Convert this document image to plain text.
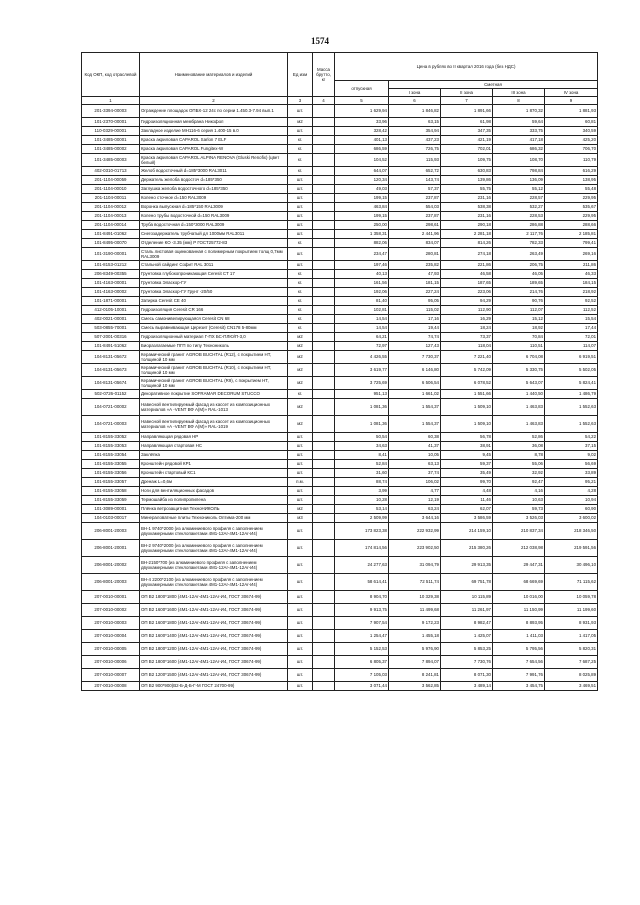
1574
Код ОКП, код отраслевой	Наименование материалов и изделий	Ед изм	Масса брутто, кг	Цена в рублях во II квартал 2016 года (без НДС)				
				отпускная	Сметная			
					I зона	II зона	III зона	IV зона
1	2	3	4	5	6	7	8	9
201-3394-00003	Ограждение площадок ОПБХ-12 24с по серии 1.450.3-7.94 вып.1	шт.		1 629,94	1 846,82	1 891,66	1 870,32	1 881,93
101-2370-00001	Гидроизоляционная мембрана Никофол	м2		33,96	63,15	61,98	59,64	60,81
110-0329-00001	Закладное изделие МН116-6 серия 1.400-15 в.0	шт.		328,42	354,94	347,35	333,75	340,59
101-3485-00001	Краска акриловая CAPAROL Sarlon 7 ELF	кг.		401,13	437,23	421,19	417,18	425,20
101-3485-00002	Краска акриловая CAPAROL Fungitex-W	кг.		686,59	726,75	702,01	686,32	706,70
101-3485-00003	Краска акриловая CAPAROL ALPINA RENOVA (Gluski Renofix) (цвет белый)	кг.		104,52	115,93	109,75	108,70	110,79
402-0310-01713	Желоб водосточный d=185*3000 RAL3011	кг.		644,07	652,72	630,83	798,84	616,29
201-1104-00059	Держатель желоба водосточ d=185*350	шт.		120,34	143,74	139,86	136,09	138,95
201-1104-00010	Заглушка желоба водосточного d=185*350	шт.		49,03	57,37	55,75	55,12	55,48
201-1104-00011	Колено сточное d=150 RAL3009	шт.		199,15	237,87	231,16	228,57	229,95
201-1104-00012	Воронка выпускная d=185*150 RAL3009	шт.		463,84	554,03	538,38	532,27	535,67
201-1104-00013	Колено трубы водосточной d=150 RAL3009	шт.		199,15	237,87	231,16	228,53	229,95
201-1104-00014	Труба водосточная d=150*3000 RAL3009	шт.		250,00	298,61	290,18	286,88	288,66
101-8491-01062	Снегозадержатель трубчатый дл 1000мм RAL3011	шт.		1 358,31	2 441,96	2 281,18	2 117,76	2 185,81
101-8495-00070	Отделение КО -3.35 (мм) Р ГОСТ25772-83	кг.		882,06	834,07	814,26	782,33	799,41
101-3190-00001	Сталь листовая оцинкованная с полимерным покрытием толщ 0,7мм RAL3009	шт.		234,47	280,81	274,18	263,49	269,16
101-8153-01212	Стальной сайдинг Софит RAL 3011	шт.		197,46	235,82	221,86	206,75	211,86
206-8349-00355	Грунтовка глубокопроникающая Ceresit CT 17	кг.		40,13	47,93	46,58	46,05	46,33
101-4163-00001	Грунтовка Эласкор-ГУ	кг.		161,56	181,15	187,65	189,65	184,15
101-4163-00002	Грунтовка Эласкор-ГУ Грунт -20/50	кг.		192,06	227,24	223,06	214,76	218,92
101-1871-00001	Затирка Ceresit CE 40	кг.		81,40	95,05	94,29	90,76	92,52
412-0105-10001	Гидроизоляция Ceresit CR 166	кг.		102,81	115,02	112,90	112,07	112,52
402-0021-00001	Смесь самонивелирующаяся Ceresit CN 68	кг.		14,54	17,16	16,29	15,12	15,54
503-0855-70001	Смесь выравнивающая Церезит (Ceresit) CN178 5-80мм	кг.		14,54	19,44	18,24	18,92	17,44
507-2001-00316	Гидроизоляционный материал Г-ПХ БС-ПЛЮ/П-3,0	м2		64,21	74,74	73,37	70,84	72,01
101-8491-51062	Биоразлагаемые ПГП по типу Технониколь	м2		72,97	127,43	118,04	110,51	114,07
104-8131-05672	Керамический гранит AGROB BUCHTAL (R12), с покрытием HT, толщиной 10 мм	м2		4 426,55	7 730,37	7 221,40	6 704,08	6 919,51
104-8131-05673	Керамический гранит AGROB BUCHTAL (R10), с покрытием HT, толщиной 10 мм	м2		3 619,77	6 146,80	5 742,09	5 330,75	5 502,05
104-8131-05674	Керамический гранит AGROB BUCHTAL (R9), с покрытием HT, толщиной 10 мм	м2		3 725,69	6 506,54	6 078,52	5 643,07	5 824,41
502-0726-01152	Декоративное покрытие SOFRAMAR DECORUM STUCCO	кг.		951,13	1 661,02	1 551,66	1 440,50	1 486,79
104-0721-00002	Навесной вентилируемый фасад из кассет из композиционных материалов «А -VENT ВФ А(М)» RAL-1013	м2		1 081,36	1 554,37	1 509,10	1 463,83	1 552,63
104-0721-00003	Навесной вентилируемый фасад из кассет из композиционных материалов «А -VENT ВФ А(М)» RAL-1019	м2		1 081,36	1 554,37	1 509,10	1 463,83	1 552,63
101-8155-33052	Направляющая рядовая НР	шт.		50,54	60,38	56,78	52,86	54,22
101-8155-33053	Направляющая стартовая НС	шт.		34,63	41,37	38,91	36,08	37,15
101-8155-33054	Заклёпка	шт.		8,41	10,05	9,45	8,78	9,02
101-8155-33055	Кронштейн рядовой КР1	шт.		52,84	63,13	59,37	55,06	56,69
101-8155-33056	Кронштейн стартовый КС1	шт.		31,60	37,74	35,49	32,92	33,89
101-8155-33057	Дренаж L=0,6м	п.м.		88,74	106,02	99,70	92,47	95,21
101-8155-33058	Ноги для вентиляционных фасадов	шт.		3,99	4,77	4,48	4,16	4,28
101-8155-33059	Термошайба из полипропилена	шт.		10,28	12,19	11,46	10,63	10,94
101-3089-00001	Плёнка ветрозащитная ТехноНИКОЛЬ	м2		53,14	63,24	62,07	59,73	60,90
104-0103-00017	Минераловатные плиты Технониколь Оптима-200 мм	м3		2 509,99	3 644,16	3 586,59	3 526,03	3 600,02
206-8001-20003	ВН-1 9740*2000 (из алюминиевого профиля с заполнением двухкамерными стеклопакетами 4М1-12Ar-4М1-12Ar-И4)	шт.		173 823,38	222 932,99	214 159,10	210 837,34	218 346,50
206-8001-20001	ВН-2 9740*2000 (из алюминиевого профиля с заполнением двухкамерными стеклопакетами 4М1-12Ar-4М1-12Ar-И4)	шт.		174 814,56	223 902,50	215 380,26	212 038,98	219 591,56
206-8001-20002	ВН-2150*700 (из алюминиевого профиля с заполнением двухкамерными стеклопакетами 4М1-12Ar-4М1-12Ar-И4)	шт.		24 277,63	31 094,79	29 913,35	29 447,31	30 496,10
206-8001-20003	ВН-4 2200*2100 (из алюминиевого профиля с заполнением двухкамерными стеклопакетами 4М1-12Ar-4М1-12Ar-И4)	шт.		58 614,41	72 511,74	69 751,78	68 669,69	71 115,62
207-0010-00001	ОП В2 1800*1800 (4М1-12Ar-4М1-12Ar-И4, ГОСТ 30674-99)	шт.		8 904,70	10 329,38	10 115,89	10 016,00	10 059,78
207-0010-00002	ОП В2 1600*1600 (4М1-12Ar-4М1-12Ar-И4, ГОСТ 30674-99)	шт.		9 913,75	11 499,68	11 261,97	11 150,99	11 199,60
207-0010-00003	ОП В2 1600*1800 (4М1-12Ar-4М1-12Ar-И4, ГОСТ 30674-99)	шт.		7 907,54	9 172,23	8 982,47	8 893,95	8 931,93
207-0010-00004	ОП В2 1600*1400 (4М1-12Ar-4М1-12Ar-И4, ГОСТ 30674-99)	шт.		1 254,47	1 455,18	1 425,07	1 411,03	1 417,05
207-0010-00005	ОП В2 1800*1200 (4М1-12Ar-4М1-12Ar-И4, ГОСТ 30674-99)	шт.		5 152,53	5 976,90	5 853,25	5 795,56	5 820,31
207-0010-00006	ОП В2 1800*1600 (4М1-12Ar-4М1-12Ar-И4, ГОСТ 30674-99)	шт.		6 805,37	7 894,07	7 730,76	7 654,56	7 687,25
207-0010-00007	ОП В2 1200*1500 (4М1-12Ar-4М1-12Ar-И4, ГОСТ 30674-99)	шт.		7 105,03	8 241,81	8 071,30	7 991,76	8 025,89
207-0010-00008	ОП В2 900*900(В2-Б-Д-Б-Г-М ГОСТ 24700-99)	шт.		3 071,44	3 562,85	3 489,14	3 454,75	3 469,51
